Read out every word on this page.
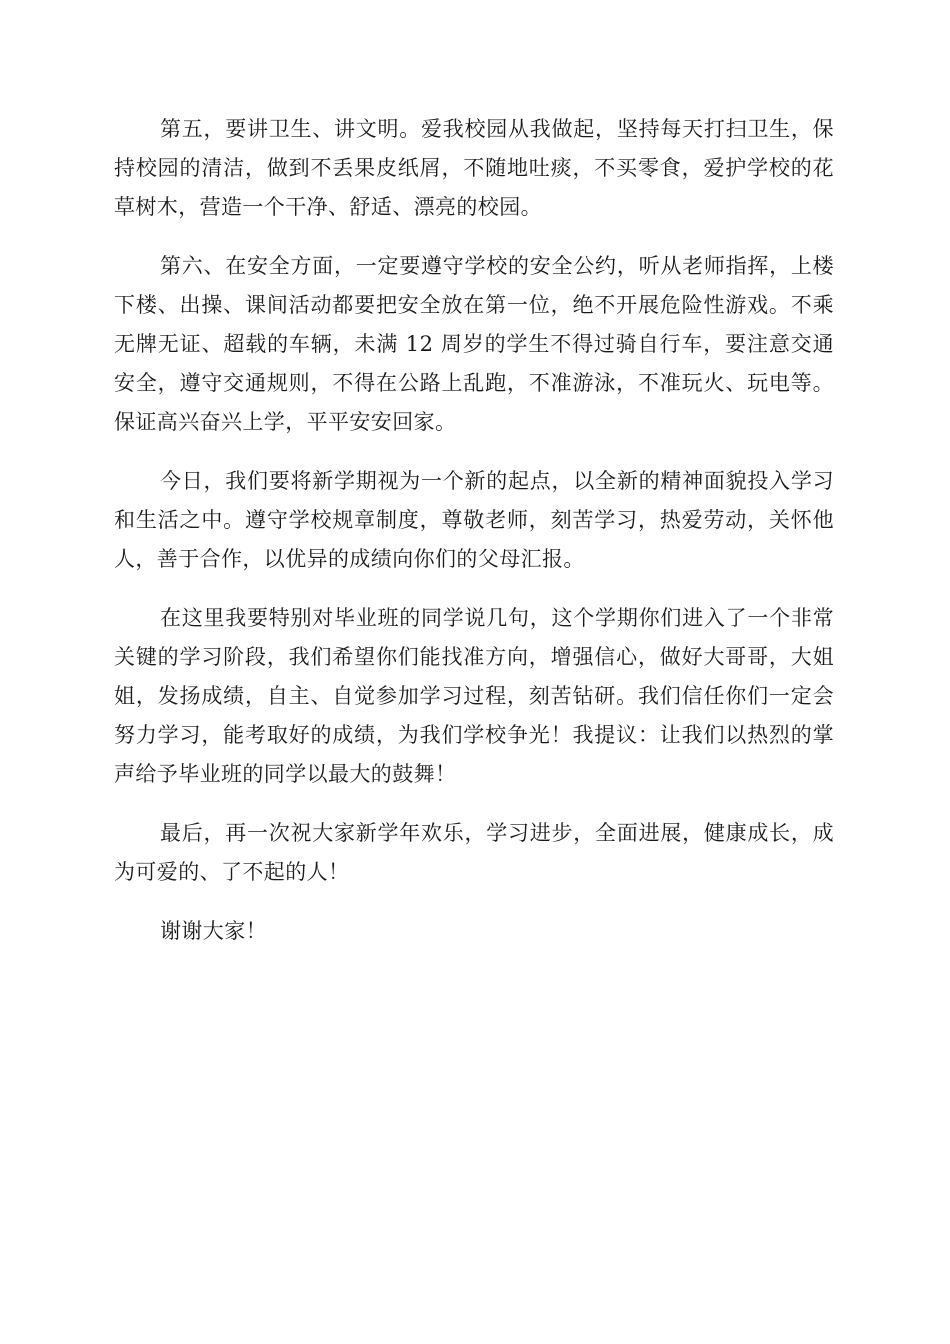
第五，要讲卫生、讲文明。爱我校园从我做起，坚持每天打扫卫生，保持校园的清洁，做到不丢果皮纸屑，不随地吐痰，不买零食，爱护学校的花草树木，营造一个干净、舒适、漂亮的校园。

第六、在安全方面，一定要遵守学校的安全公约，听从老师指挥，上楼下楼、出操、课间活动都要把安全放在第一位，绝不开展危险性游戏。不乘无牌无证、超载的车辆，未满 12 周岁的学生不得过骑自行车，要注意交通安全，遵守交通规则，不得在公路上乱跑，不准游泳，不准玩火、玩电等。保证高兴奋兴上学，平平安安回家。

今日，我们要将新学期视为一个新的起点，以全新的精神面貌投入学习和生活之中。遵守学校规章制度，尊敬老师，刻苦学习，热爱劳动，关怀他人，善于合作，以优异的成绩向你们的父母汇报。

在这里我要特别对毕业班的同学说几句，这个学期你们进入了一个非常关键的学习阶段，我们希望你们能找准方向，增强信心，做好大哥哥，大姐姐，发扬成绩，自主、自觉参加学习过程，刻苦钻研。我们信任你们一定会努力学习，能考取好的成绩，为我们学校争光！我提议：让我们以热烈的掌声给予毕业班的同学以最大的鼓舞！

最后，再一次祝大家新学年欢乐，学习进步，全面进展，健康成长，成为可爱的、了不起的人！

谢谢大家！
